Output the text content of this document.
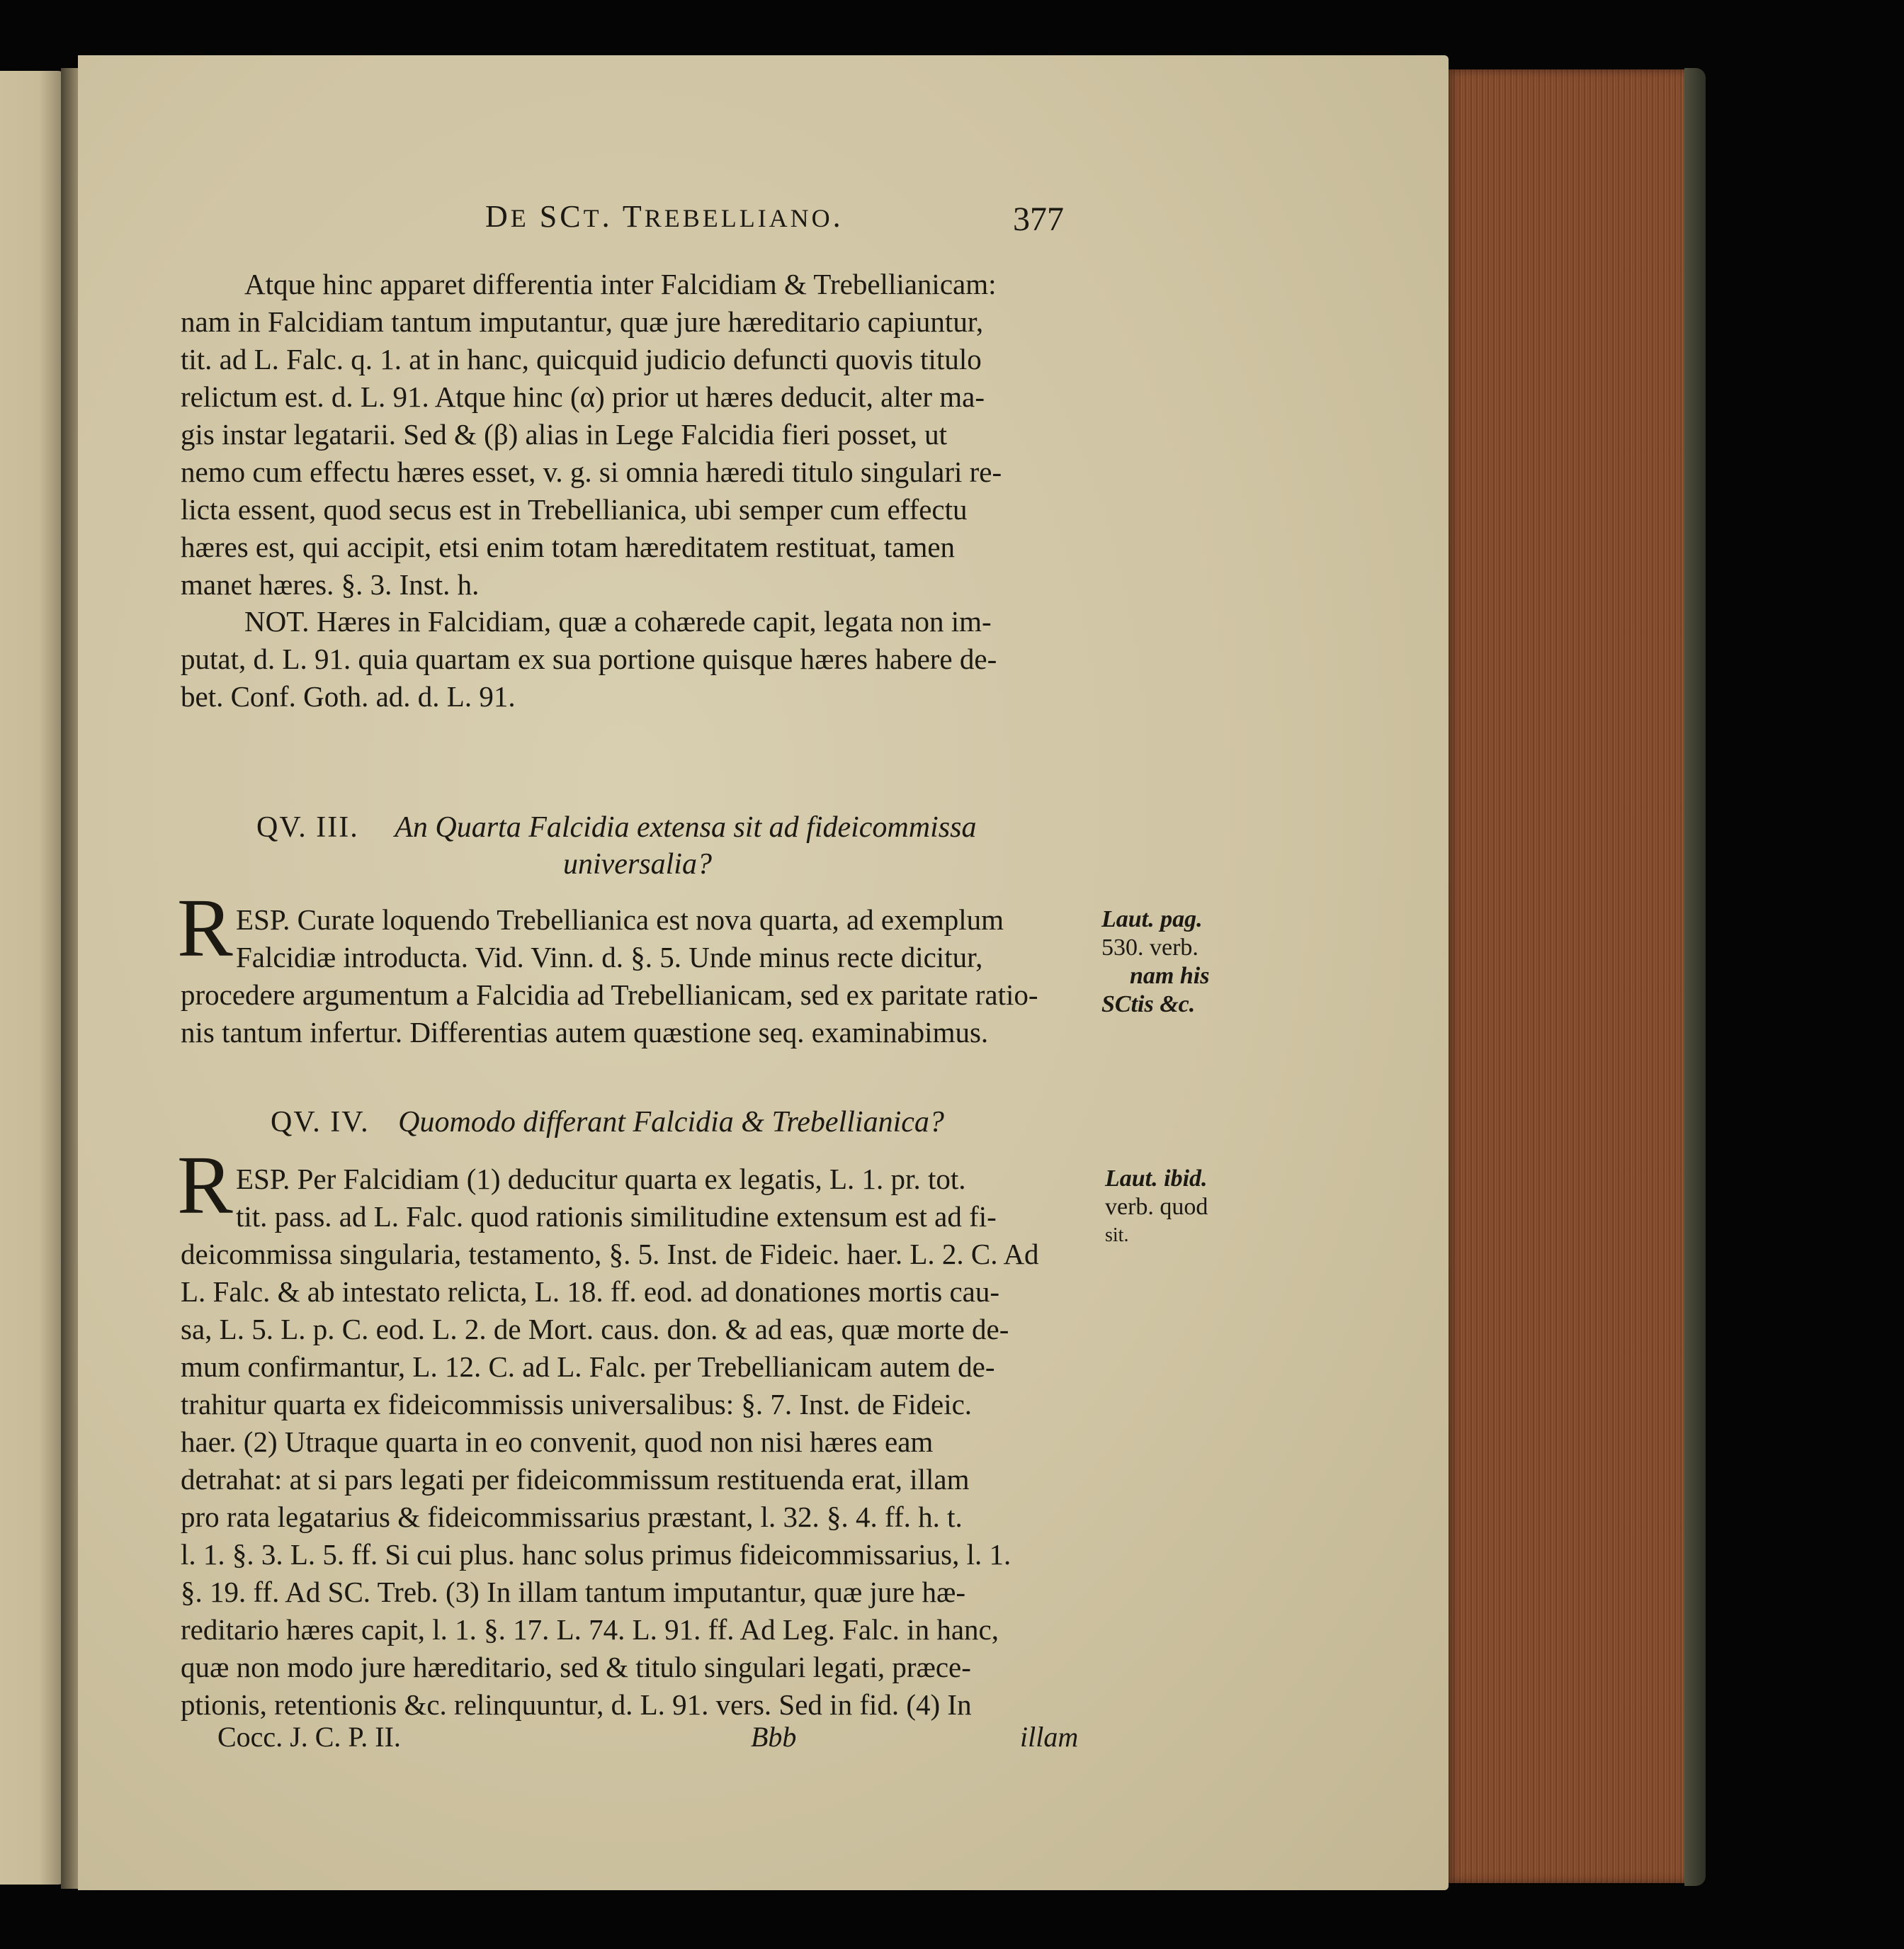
DE SCT. TREBELLIANO.	377
Atque hinc apparet differentia inter Falcidiam & Trebellianicam:
nam in Falcidiam tantum imputantur, quæ jure hæreditario capiuntur,
tit. ad L. Falc. q. 1. at in hanc, quicquid judicio defuncti quovis titulo
relictum est. d. L. 91. Atque hinc (α) prior ut hæres deducit, alter ma-
gis instar legatarii. Sed & (β) alias in Lege Falcidia fieri posset, ut
nemo cum effectu hæres esset, v. g. si omnia hæredi titulo singulari re-
licta essent, quod secus est in Trebellianica, ubi semper cum effectu
hæres est, qui accipit, etsi enim totam hæreditatem restituat, tamen
manet hæres. §. 3. Inst. h.
NOT. Hæres in Falcidiam, quæ a cohærede capit, legata non im-
putat, d. L. 91. quia quartam ex sua portione quisque hæres habere de-
bet. Conf. Goth. ad. d. L. 91.
QV. III. An Quarta Falcidia extensa sit ad fideicommissa
universalia?
R ESP. Curate loquendo Trebellianica est nova quarta, ad exemplum
Falcidiæ introducta. Vid. Vinn. d. §. 5. Unde minus recte dicitur,
procedere argumentum a Falcidia ad Trebellianicam, sed ex paritate ratio-
nis tantum infertur. Differentias autem quæstione seq. examinabimus.
Laut. pag.
530. verb.
nam his
SCtis &c.
QV. IV. Quomodo differant Falcidia & Trebellianica?
R ESP. Per Falcidiam (1) deducitur quarta ex legatis, L. 1. pr. tot.
tit. pass. ad L. Falc. quod rationis similitudine extensum est ad fi-
deicommissa singularia, testamento, §. 5. Inst. de Fideic. haer. L. 2. C. Ad
L. Falc. & ab intestato relicta, L. 18. ff. eod. ad donationes mortis cau-
sa, L. 5. L. p. C. eod. L. 2. de Mort. caus. don. & ad eas, quæ morte de-
mum confirmantur, L. 12. C. ad L. Falc. per Trebellianicam autem de-
trahitur quarta ex fideicommissis universalibus: §. 7. Inst. de Fideic.
haer. (2) Utraque quarta in eo convenit, quod non nisi hæres eam
detrahat: at si pars legati per fideicommissum restituenda erat, illam
pro rata legatarius & fideicommissarius præstant, l. 32. §. 4. ff. h. t.
l. 1. §. 3. L. 5. ff. Si cui plus. hanc solus primus fideicommissarius, l. 1.
§. 19. ff. Ad SC. Treb. (3) In illam tantum imputantur, quæ jure hæ-
reditario hæres capit, l. 1. §. 17. L. 74. L. 91. ff. Ad Leg. Falc. in hanc,
quæ non modo jure hæreditario, sed & titulo singulari legati, præce-
ptionis, retentionis &c. relinquuntur, d. L. 91. vers. Sed in fid. (4) In
Laut. ibid.
verb. quod
sit.
Cocc. J. C. P. II.	Bbb	illam
